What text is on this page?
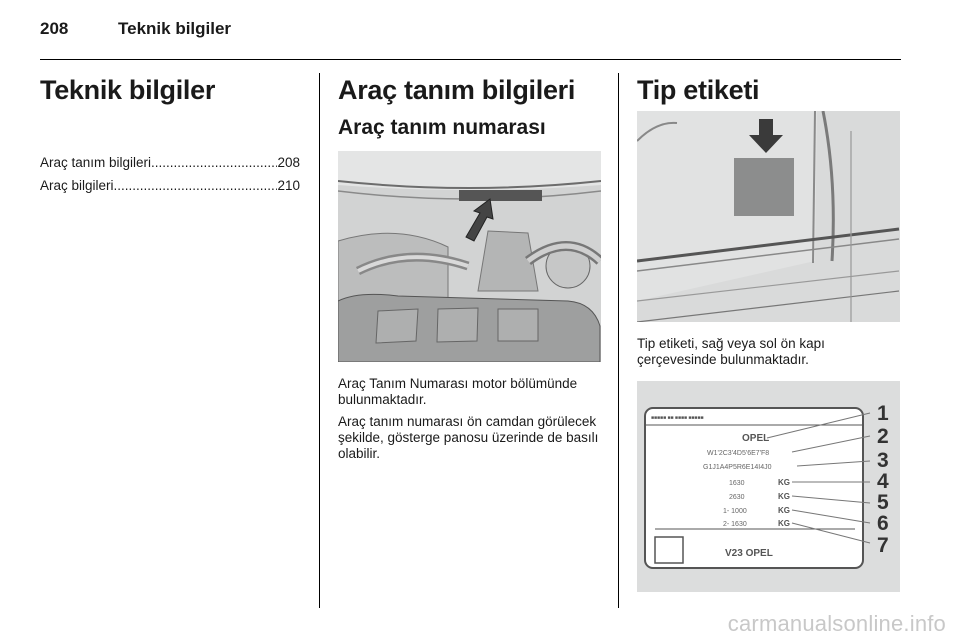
208	Teknik bilgiler
Teknik bilgiler
Araç tanım bilgileri .....	208
Araç bilgileri .....	210
Araç tanım bilgileri
Araç tanım numarası

Araç Tanım Numarası motor bölümünde bulunmaktadır.

Araç tanım numarası ön camdan görülecek şekilde, gösterge panosu üzerinde de basılı olabilir.

Tip etiketi

Tip etiketi, sağ veya sol ön kapı çerçevesinde bulunmaktadır.

■■■■■ ■■ ■■■■ ■■■■■
OPEL
W1'2C3'4D5'6E7'F8
G1J1A4P5R6E14I4J0
1630
2630
1- 1000
2- 1630
KG
KG
KG
KG
V23 OPEL
1
2
3
4
5
6
7
carmanualsonline.info
